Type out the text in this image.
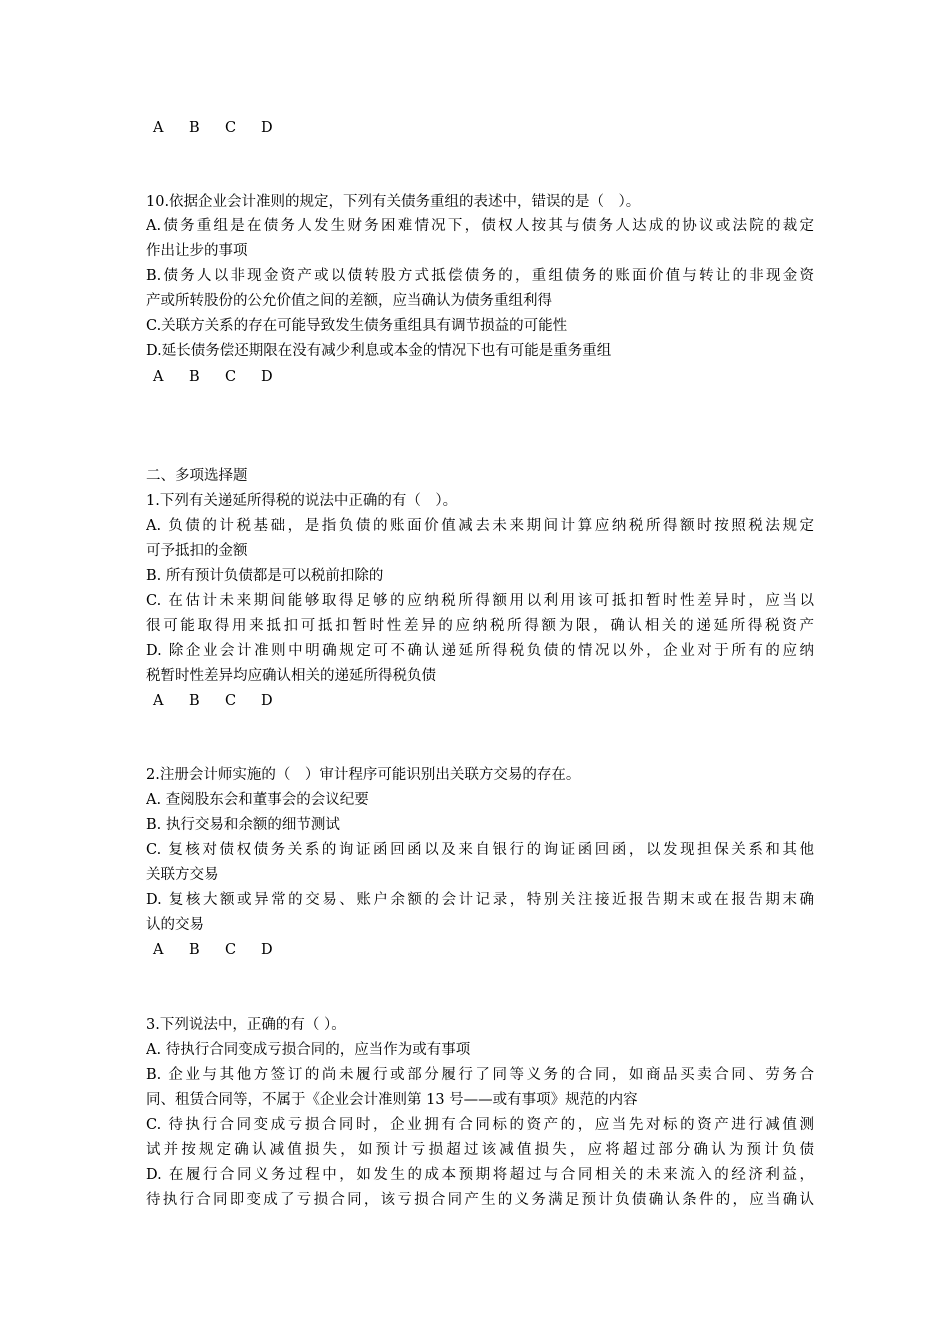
A B C D
10.依据企业会计准则的规定，下列有关债务重组的表述中，错误的是（　）。
A.债务重组是在债务人发生财务困难情况下，债权人按其与债务人达成的协议或法院的裁定
作出让步的事项
B.债务人以非现金资产或以债转股方式抵偿债务的，重组债务的账面价值与转让的非现金资
产或所转股份的公允价值之间的差额，应当确认为债务重组利得
C.关联方关系的存在可能导致发生债务重组具有调节损益的可能性
D.延长债务偿还期限在没有减少利息或本金的情况下也有可能是重务重组
A B C D
二、多项选择题
1.下列有关递延所得税的说法中正确的有（　）。
A. 负债的计税基础，是指负债的账面价值减去未来期间计算应纳税所得额时按照税法规定
可予抵扣的金额
B. 所有预计负债都是可以税前扣除的
C. 在估计未来期间能够取得足够的应纳税所得额用以利用该可抵扣暂时性差异时，应当以
很可能取得用来抵扣可抵扣暂时性差异的应纳税所得额为限，确认相关的递延所得税资产
D. 除企业会计准则中明确规定可不确认递延所得税负债的情况以外，企业对于所有的应纳
税暂时性差异均应确认相关的递延所得税负债
A B C D
2.注册会计师实施的（　）审计程序可能识别出关联方交易的存在。
A. 查阅股东会和董事会的会议纪要
B. 执行交易和余额的细节测试
C. 复核对债权债务关系的询证函回函以及来自银行的询证函回函，以发现担保关系和其他
关联方交易
D. 复核大额或异常的交易、账户余额的会计记录，特别关注接近报告期末或在报告期末确
认的交易
A B C D
3.下列说法中，正确的有（ ）。
A. 待执行合同变成亏损合同的，应当作为或有事项
B. 企业与其他方签订的尚未履行或部分履行了同等义务的合同，如商品买卖合同、劳务合
同、租赁合同等，不属于《企业会计准则第 13 号——或有事项》规范的内容
C. 待执行合同变成亏损合同时，企业拥有合同标的资产的，应当先对标的资产进行减值测
试并按规定确认减值损失，如预计亏损超过该减值损失，应将超过部分确认为预计负债
D. 在履行合同义务过程中，如发生的成本预期将超过与合同相关的未来流入的经济利益，
待执行合同即变成了亏损合同，该亏损合同产生的义务满足预计负债确认条件的，应当确认
